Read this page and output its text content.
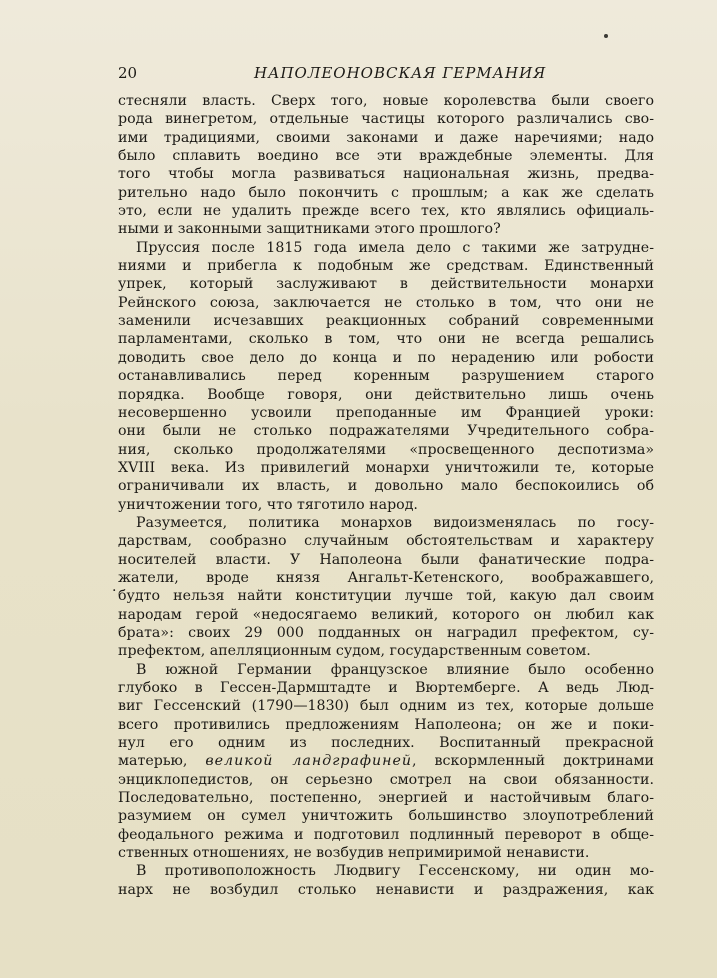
20	НАПОЛЕОНОВСКАЯ ГЕРМАНИЯ
.
стесняли власть. Сверх того, новые королевства были своего
рода винегретом, отдельные частицы которого различались сво-
ими традициями, своими законами и даже наречиями; надо
было сплавить воедино все эти враждебные элементы. Для
того чтобы могла развиваться национальная жизнь, предва-
рительно надо было покончить с прошлым; а как же сделать
это, если не удалить прежде всего тех, кто являлись официаль-
ными и законными защитниками этого прошлого?
Пруссия после 1815 года имела дело с такими же затрудне-
ниями и прибегла к подобным же средствам. Единственный
упрек, который заслуживают в действительности монархи
Рейнского союза, заключается не столько в том, что они не
заменили исчезавших реакционных собраний современными
парламентами, сколько в том, что они не всегда решались
доводить свое дело до конца и по нерадению или робости
останавливались перед коренным разрушением старого
порядка. Вообще говоря, они действительно лишь очень
несовершенно усвоили преподанные им Францией уроки:
они были не столько подражателями Учредительного собра-
ния, сколько продолжателями «просвещенного деспотизма»
XVIII века. Из привилегий монархи уничтожили те, которые
ограничивали их власть, и довольно мало беспокоились об
уничтожении того, что тяготило народ.
Разумеется, политика монархов видоизменялась по госу-
дарствам, сообразно случайным обстоятельствам и характеру
носителей власти. У Наполеона были фанатические подра-
жатели, вроде князя Ангальт-Кетенского, воображавшего,
будто нельзя найти конституции лучше той, какую дал своим
народам герой «недосягаемо великий, которого он любил как
брата»: своих 29 000 подданных он наградил префектом, су-
префектом, апелляционным судом, государственным советом.
В южной Германии французское влияние было особенно
глубоко в Гессен-Дармштадте и Вюртемберге. А ведь Люд-
виг Гессенский (1790—1830) был одним из тех, которые дольше
всего противились предложениям Наполеона; он же и поки-
нул его одним из последних. Воспитанный прекрасной
матерью, великой ландграфиней, вскормленный доктринами
энциклопедистов, он серьезно смотрел на свои обязанности.
Последовательно, постепенно, энергией и настойчивым благо-
разумием он сумел уничтожить большинство злоупотреблений
феодального режима и подготовил подлинный переворот в обще-
ственных отношениях, не возбудив непримиримой ненависти.
В противоположность Людвигу Гессенскому, ни один мо-
нарх не возбудил столько ненависти и раздражения, как
